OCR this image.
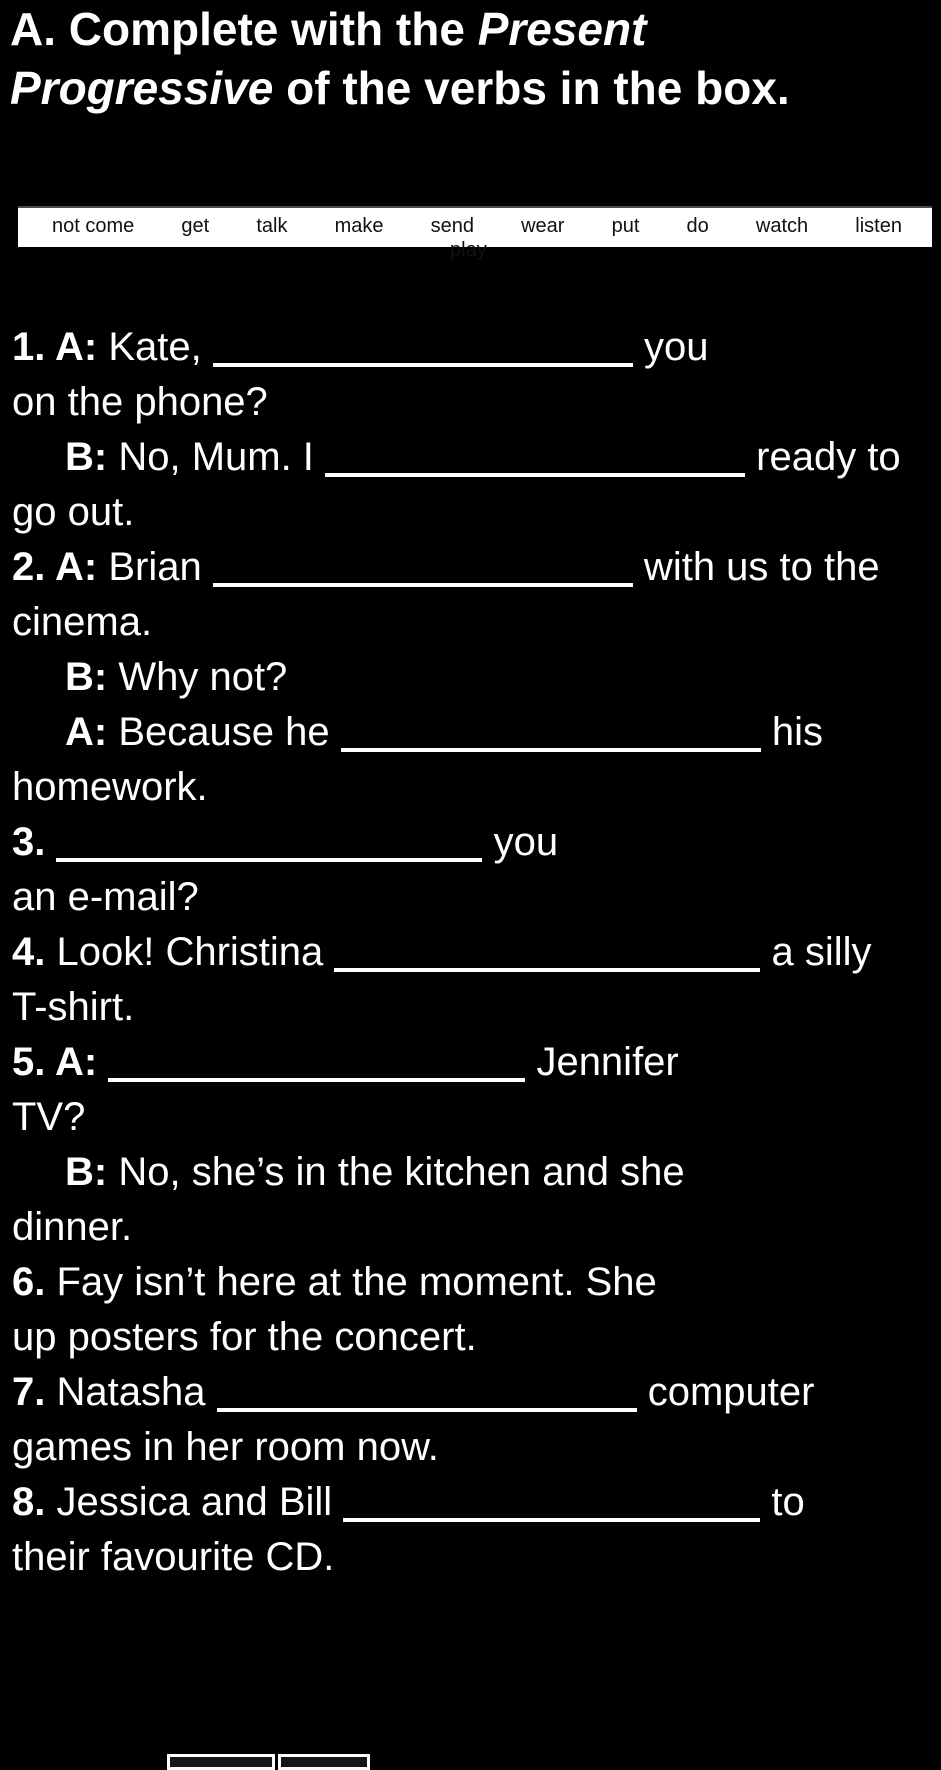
A. Complete with the Present
Progressive of the verbs in the box.
not come get talk make send wear put do watch listen
play
1. A: Kate,	you
on the phone?
B: No, Mum. I	ready to
go out.
2. A: Brian	with us to the
cinema.
B: Why not?
A: Because he	his
homework.
3.	you
an e-mail?
4. Look! Christina	a silly
T-shirt.
5. A:	Jennifer
TV?
B: No, she’s in the kitchen and she
dinner.
6. Fay isn’t here at the moment. She
up posters for the concert.
7. Natasha	computer
games in her room now.
8. Jessica and Bill	to
their favourite CD.
